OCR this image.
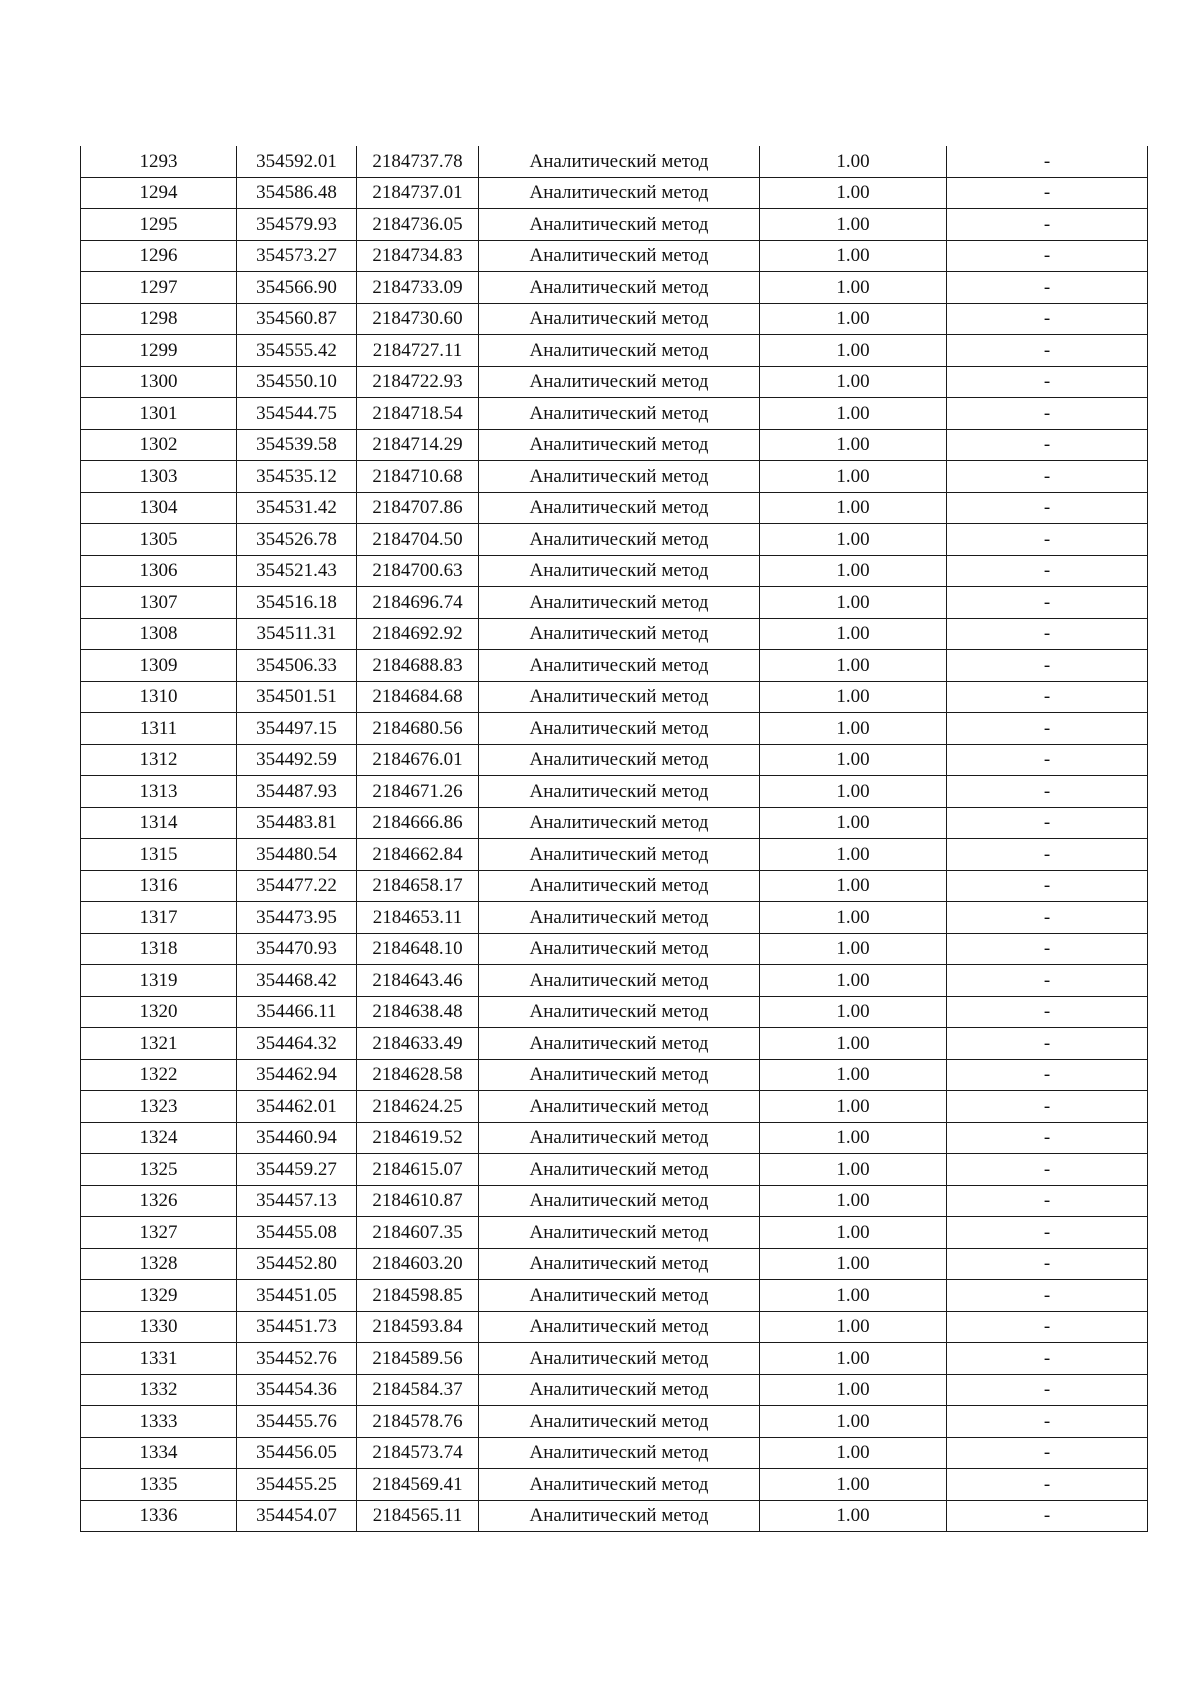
1293	354592.01	2184737.78	Аналитический метод	1.00	-
1294	354586.48	2184737.01	Аналитический метод	1.00	-
1295	354579.93	2184736.05	Аналитический метод	1.00	-
1296	354573.27	2184734.83	Аналитический метод	1.00	-
1297	354566.90	2184733.09	Аналитический метод	1.00	-
1298	354560.87	2184730.60	Аналитический метод	1.00	-
1299	354555.42	2184727.11	Аналитический метод	1.00	-
1300	354550.10	2184722.93	Аналитический метод	1.00	-
1301	354544.75	2184718.54	Аналитический метод	1.00	-
1302	354539.58	2184714.29	Аналитический метод	1.00	-
1303	354535.12	2184710.68	Аналитический метод	1.00	-
1304	354531.42	2184707.86	Аналитический метод	1.00	-
1305	354526.78	2184704.50	Аналитический метод	1.00	-
1306	354521.43	2184700.63	Аналитический метод	1.00	-
1307	354516.18	2184696.74	Аналитический метод	1.00	-
1308	354511.31	2184692.92	Аналитический метод	1.00	-
1309	354506.33	2184688.83	Аналитический метод	1.00	-
1310	354501.51	2184684.68	Аналитический метод	1.00	-
1311	354497.15	2184680.56	Аналитический метод	1.00	-
1312	354492.59	2184676.01	Аналитический метод	1.00	-
1313	354487.93	2184671.26	Аналитический метод	1.00	-
1314	354483.81	2184666.86	Аналитический метод	1.00	-
1315	354480.54	2184662.84	Аналитический метод	1.00	-
1316	354477.22	2184658.17	Аналитический метод	1.00	-
1317	354473.95	2184653.11	Аналитический метод	1.00	-
1318	354470.93	2184648.10	Аналитический метод	1.00	-
1319	354468.42	2184643.46	Аналитический метод	1.00	-
1320	354466.11	2184638.48	Аналитический метод	1.00	-
1321	354464.32	2184633.49	Аналитический метод	1.00	-
1322	354462.94	2184628.58	Аналитический метод	1.00	-
1323	354462.01	2184624.25	Аналитический метод	1.00	-
1324	354460.94	2184619.52	Аналитический метод	1.00	-
1325	354459.27	2184615.07	Аналитический метод	1.00	-
1326	354457.13	2184610.87	Аналитический метод	1.00	-
1327	354455.08	2184607.35	Аналитический метод	1.00	-
1328	354452.80	2184603.20	Аналитический метод	1.00	-
1329	354451.05	2184598.85	Аналитический метод	1.00	-
1330	354451.73	2184593.84	Аналитический метод	1.00	-
1331	354452.76	2184589.56	Аналитический метод	1.00	-
1332	354454.36	2184584.37	Аналитический метод	1.00	-
1333	354455.76	2184578.76	Аналитический метод	1.00	-
1334	354456.05	2184573.74	Аналитический метод	1.00	-
1335	354455.25	2184569.41	Аналитический метод	1.00	-
1336	354454.07	2184565.11	Аналитический метод	1.00	-
